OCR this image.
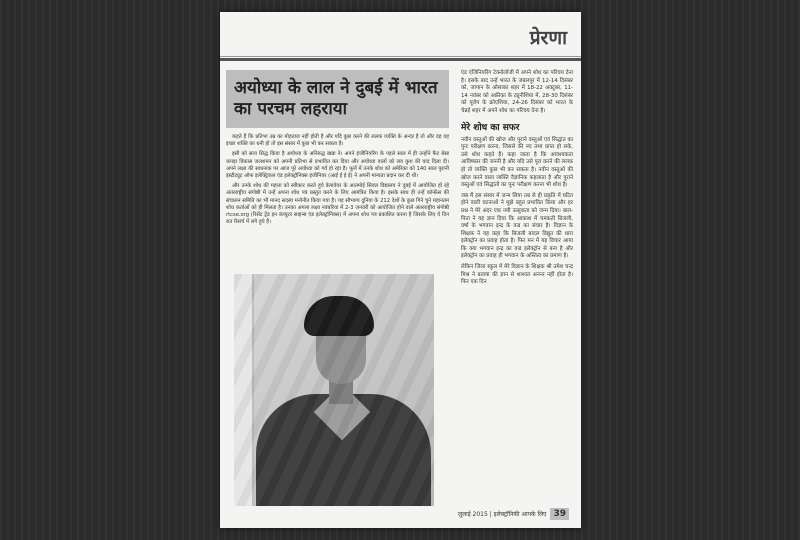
प्रेरणा
अयोध्या के लाल ने दुबई में भारत का परचम लहराया

कहते हैं कि प्रतिभा उम्र का मोहताज नहीं होती है और यदि कुछ करने की ललक व्यक्ति के अन्दर है तो और वह वह इच्छा शक्ति का धनी हो तो इस संसार में कुछ भी कर सकता है।

इसी को सत्य सिद्ध किया है अयोध्या के अनिरुद्ध खन्ना ने। अपने इंजीनियरिंग के पहले साल में ही उन्होंने फैट बेस्ड कपड़ा विकास जलशमन को अपनी प्रतिभा से प्रभावित कर दिया और अयोध्या वालों को लव कुश की याद दिला दी। अपने लक्ष्य की साधनाक पर आज पूरे अयोध्या को गर्व हो रहा है। फूलें में उनके शोध को अमेरिका को 140 साल पुरानी इंस्टीट्यूट ऑफ इलेक्ट्रिकल एंड इलेक्ट्रॉनिक्स इंजीनियर (आई ई ई ई) ने अपनी मान्यता प्रदान कर दी थी।

और उनके शोध की महत्ता को स्वीकार करते हुये डेलावेयर के आतमोई सिवल विद्यालय ने दुबई में आयोजित हो रहे अंतरराष्ट्रीय संगोष्ठी में उन्हें अपना शोध पत्र प्रस्तुत करने के लिए आमंत्रित किया है। इसके साथ ही उन्हें कॉन्फ्रेंस की संचालन समिति का भी मानद सदस्य मनोनीत किया गया है। यह सौभाग्य दुनिया के 212 देशों के कुछ गिने चुने महानतम शोध कर्ताओं को ही मिलता है। उनका अगला लक्ष्य नवंबरिया में 2-3 जनवरी को आयोजित होने वाले अंतरराष्ट्रीय संगोष्ठी rtcse.org (रिसेंट ट्रेंड इन कंप्यूटर साइन्स एंड इलेक्ट्रॉनिक्स) में अपना शोध पत्र प्रकाशित करना है जिसके लिए वे दिन रात रिसर्च में लगे हुये हैं।

एंड एंजिनियरिंग टेक्नोलॉजी में अपने शोध का परिचय देना है। इसके बाद उन्हें भारत के जबलपुर में 12-14 दिसंबर को, जापान के ओसाका शहर में 18-22 अक्टूबर, 11-14 नवंबर को अफ्रीका के ट्यूनीशिया में, 28-30 दिसंबर को यूरोप के क्रोएशिया, 24-26 दिसंबर को भारत के चेन्नई शहर में अपने शोध का परिचय देना है।

मेरे शोध का सफर

नवीन वस्तुओं की खोज और पुराने वस्तुओं एवं सिद्धांत का पुनः परीक्षण करना, जिससे की नए तथ्य प्राप्त हो सके, उसे शोध कहते हैं। कहा जाता है कि आवश्यकता आविष्कार की जननी है और यदि उसे पूरा करने की ललक हो तो व्यक्ति कुछ भी कर सकता है। नवीन वस्तुओं की खोज करने वाला व्यक्ति वैज्ञानिक कहलाता है और पुराने वस्तुओं एवं सिद्धांतों का पुनः परीक्षण करना भी शोध है।

जब मैं इस संसार में जन्म लिया तब से ही प्रकृति में घटित होने वाली घटनाओं ने मुझे बहुत प्रभावित किया और हर प्रश्न ने मेरे अंदर एक नयी उत्सुकता को जन्म दिया। बाल-पिता ने यह ज्ञान दिया कि आकाश में चमकती बिजली, वर्षा के भगवान इन्द्र के वज्र का संचार है। विज्ञान के शिक्षक ने यह कहा कि बिजली बादल विद्युत की धारा इलेक्ट्रॉन का प्रवाह होता है। फिर मन में यह विचार आया कि क्या भगवान इन्द्र का वज्र इलेक्ट्रॉन से बना है और इलेक्ट्रॉन का प्रवाह ही भगवान के अस्तित्व का प्रमाण है।

लेकिन जिला स्कूल में मेरे विज्ञान के शिक्षक श्री उमेश चन्द्र मिश्र ने बताया की ज्ञान से शाश्वत अनन्त नहीं होता है। फिर एक दिन

जुलाई 2015 | इलेक्ट्रॉनिकी आपके लिए 39
